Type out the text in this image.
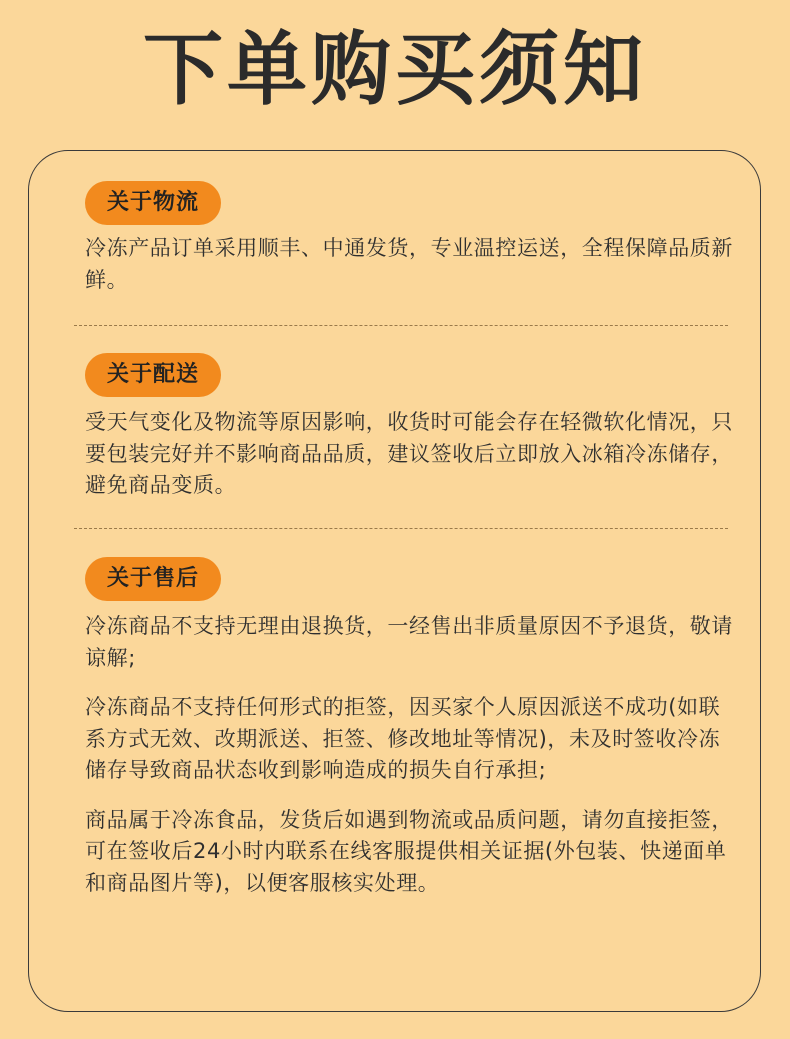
下单购买须知
关于物流

冷冻产品订单采用顺丰、中通发货，专业温控运送，全程保障品质新鲜。

关于配送

受天气变化及物流等原因影响，收货时可能会存在轻微软化情况，只要包装完好并不影响商品品质，建议签收后立即放入冰箱冷冻储存，避免商品变质。

关于售后

冷冻商品不支持无理由退换货，一经售出非质量原因不予退货，敬请谅解;

冷冻商品不支持任何形式的拒签，因买家个人原因派送不成功(如联系方式无效、改期派送、拒签、修改地址等情况)，未及时签收冷冻储存导致商品状态收到影响造成的损失自行承担;

商品属于冷冻食品，发货后如遇到物流或品质问题，请勿直接拒签，可在签收后24小时内联系在线客服提供相关证据(外包装、快递面单和商品图片等)，以便客服核实处理。
